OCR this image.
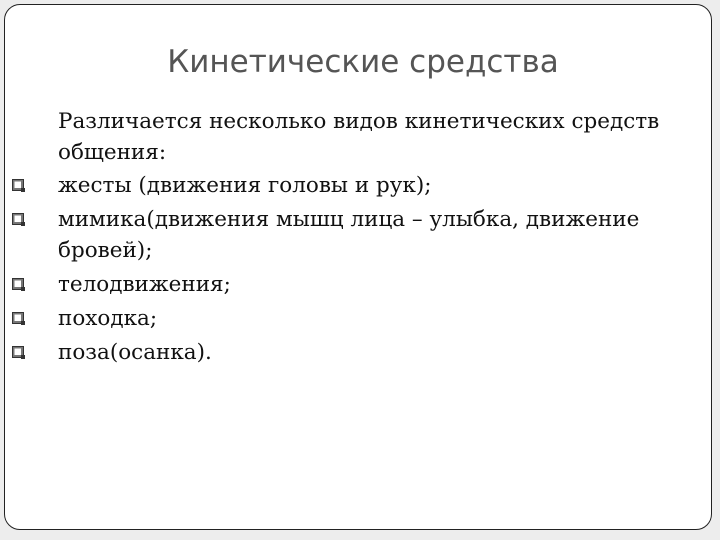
Кинетические средства

Различается несколько видов кинетических средств общения:

жесты (движения головы и рук);
мимика(движения мышц лица – улыбка, движение бровей);
телодвижения;
походка;
поза(осанка).
